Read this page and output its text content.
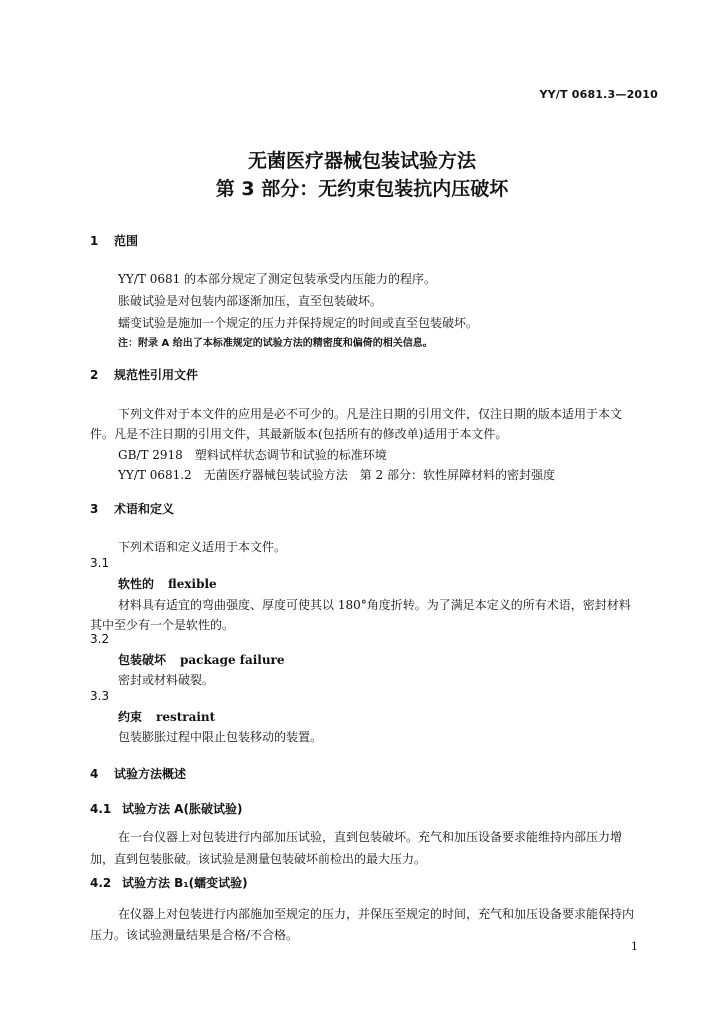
YY/T 0681.3—2010
无菌医疗器械包装试验方法
第 3 部分：无约束包装抗内压破坏
1 范围
YY/T 0681 的本部分规定了测定包装承受内压能力的程序。
胀破试验是对包装内部逐渐加压，直至包装破坏。
蠕变试验是施加一个规定的压力并保持规定的时间或直至包装破坏。
注：附录 A 给出了本标准规定的试验方法的精密度和偏倚的相关信息。
2 规范性引用文件
下列文件对于本文件的应用是必不可少的。凡是注日期的引用文件，仅注日期的版本适用于本文
件。凡是不注日期的引用文件，其最新版本(包括所有的修改单)适用于本文件。
GB/T 2918　塑料试样状态调节和试验的标准环境
YY/T 0681.2　无菌医疗器械包装试验方法　第 2 部分：软性屏障材料的密封强度
3 术语和定义
下列术语和定义适用于本文件。
3.1
软性的 flexible
材料具有适宜的弯曲强度、厚度可使其以 180°角度折转。为了满足本定义的所有术语，密封材料
其中至少有一个是软性的。
3.2
包装破坏 package failure
密封或材料破裂。
3.3
约束 restraint
包装膨胀过程中限止包装移动的装置。
4 试验方法概述
4.1 试验方法 A(胀破试验)
在一台仪器上对包装进行内部加压试验，直到包装破坏。充气和加压设备要求能维持内部压力增
加，直到包装胀破。该试验是测量包装破坏前检出的最大压力。
4.2 试验方法 B₁(蠕变试验)
在仪器上对包装进行内部施加至规定的压力，并保压至规定的时间，充气和加压设备要求能保持内
压力。该试验测量结果是合格/不合格。
1
